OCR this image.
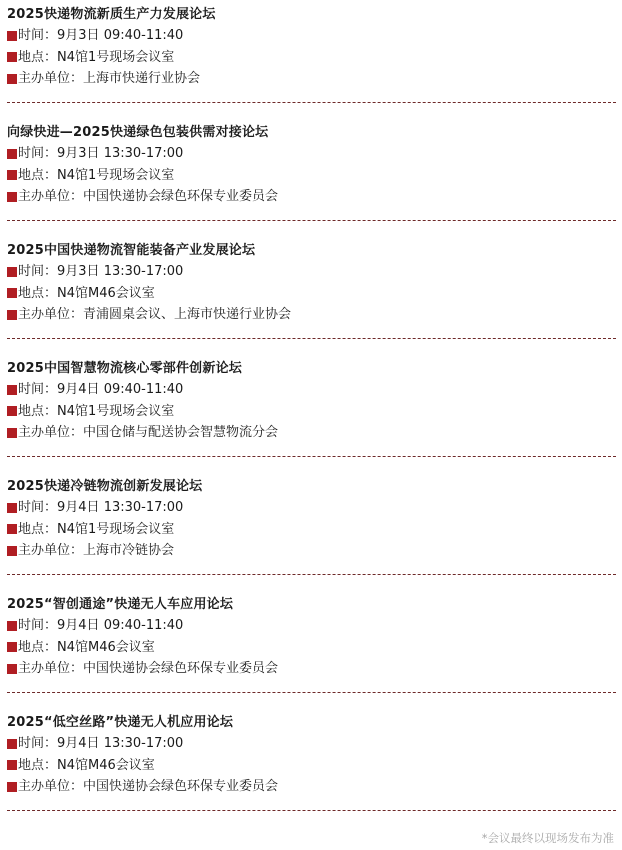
2025快递物流新质生产力发展论坛
时间： 9月3日 09:40-11:40
地点： N4馆1号现场会议室
主办单位： 上海市快递行业协会
向绿快进—2025快递绿色包装供需对接论坛
时间： 9月3日 13:30-17:00
地点： N4馆1号现场会议室
主办单位： 中国快递协会绿色环保专业委员会
2025中国快递物流智能装备产业发展论坛
时间： 9月3日 13:30-17:00
地点： N4馆M46会议室
主办单位： 青浦圆桌会议、上海市快递行业协会
2025中国智慧物流核心零部件创新论坛
时间： 9月4日 09:40-11:40
地点： N4馆1号现场会议室
主办单位： 中国仓储与配送协会智慧物流分会
2025快递冷链物流创新发展论坛
时间： 9月4日 13:30-17:00
地点： N4馆1号现场会议室
主办单位： 上海市冷链协会
2025“智创通途”快递无人车应用论坛
时间： 9月4日 09:40-11:40
地点： N4馆M46会议室
主办单位： 中国快递协会绿色环保专业委员会
2025“低空丝路”快递无人机应用论坛
时间： 9月4日 13:30-17:00
地点： N4馆M46会议室
主办单位： 中国快递协会绿色环保专业委员会
*会议最终以现场发布为准
